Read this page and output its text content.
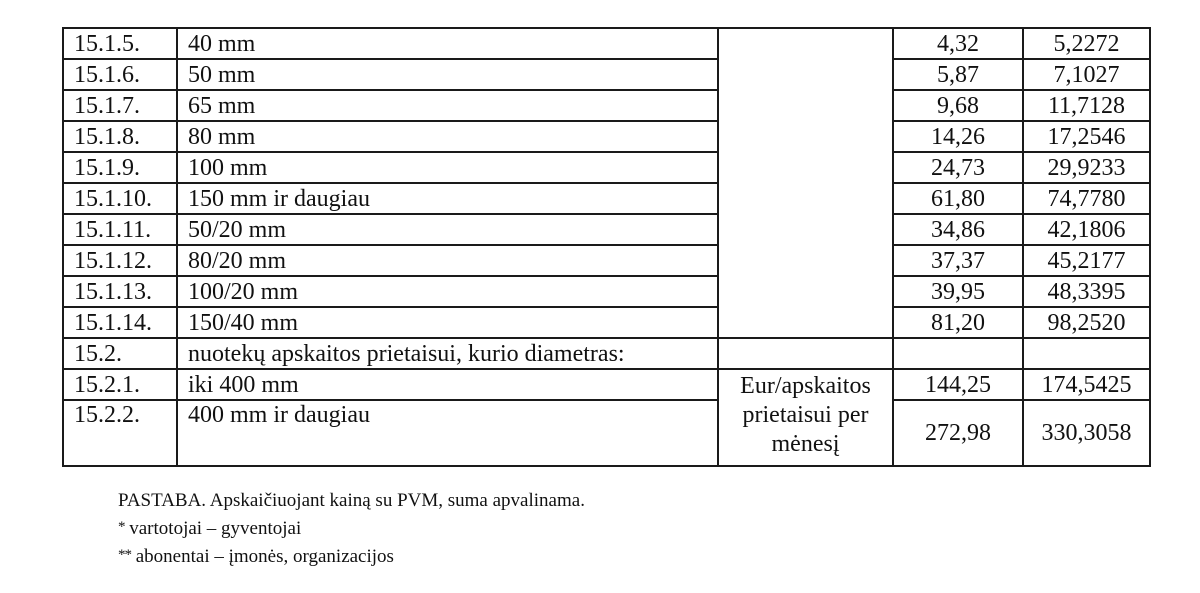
15.1.5.	40 mm		4,32	5,2272
15.1.6.	50 mm		5,87	7,1027
15.1.7.	65 mm		9,68	11,7128
15.1.8.	80 mm		14,26	17,2546
15.1.9.	100 mm		24,73	29,9233
15.1.10.	150 mm ir daugiau		61,80	74,7780
15.1.11.	50/20 mm		34,86	42,1806
15.1.12.	80/20 mm		37,37	45,2177
15.1.13.	100/20 mm		39,95	48,3395
15.1.14.	150/40 mm		81,20	98,2520
15.2.	nuotekų apskaitos prietaisui, kurio diametras:			
15.2.1.	iki 400 mm	Eur/apskaitos prietaisui per mėnesį	144,25	174,5425
15.2.2.	400 mm ir daugiau		272,98	330,3058
PASTABA. Apskaičiuojant kainą su PVM, suma apvalinama.
* vartotojai – gyventojai
** abonentai – įmonės, organizacijos
